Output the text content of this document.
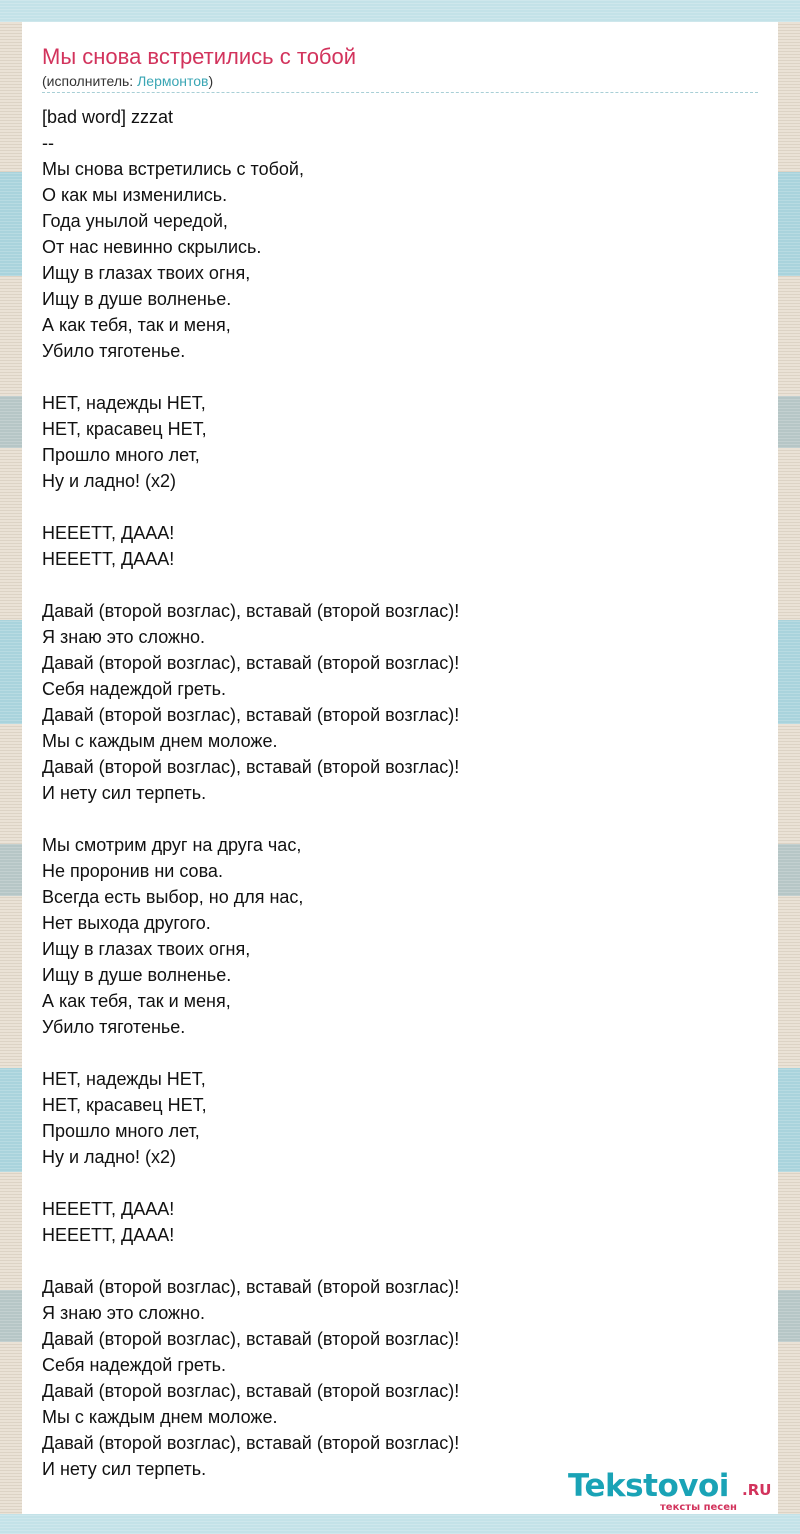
Мы снова встретились с тобой
(исполнитель: Лермонтов)
[bad word] zzzat
--
Мы снова встретились с тобой,
О как мы изменились.
Года унылой чередой,
От нас невинно скрылись.
Ищу в глазах твоих огня,
Ищу в душе волненье.
А как тебя, так и меня,
Убило тяготенье.

НЕТ, надежды НЕТ,
НЕТ, красавец НЕТ,
Прошло много лет,
Ну и ладно! (x2)

НЕЕЕТТ, ДААА!
НЕЕЕТТ, ДААА!

Давай (второй возглас), вставай (второй возглас)!
Я знаю это сложно.
Давай (второй возглас), вставай (второй возглас)!
Себя надеждой греть.
Давай (второй возглас), вставай (второй возглас)!
Мы с каждым днем моложе.
Давай (второй возглас), вставай (второй возглас)!
И нету сил терпеть.

Мы смотрим друг на друга час,
Не проронив ни сова.
Всегда есть выбор, но для нас,
Нет выхода другого.
Ищу в глазах твоих огня,
Ищу в душе волненье.
А как тебя, так и меня,
Убило тяготенье.

НЕТ, надежды НЕТ,
НЕТ, красавец НЕТ,
Прошло много лет,
Ну и ладно! (x2)

НЕЕЕТТ, ДААА!
НЕЕЕТТ, ДААА!

Давай (второй возглас), вставай (второй возглас)!
Я знаю это сложно.
Давай (второй возглас), вставай (второй возглас)!
Себя надеждой греть.
Давай (второй возглас), вставай (второй возглас)!
Мы с каждым днем моложе.
Давай (второй возглас), вставай (второй возглас)!
И нету сил терпеть.	Tekstovoi .RU
тексты песен
